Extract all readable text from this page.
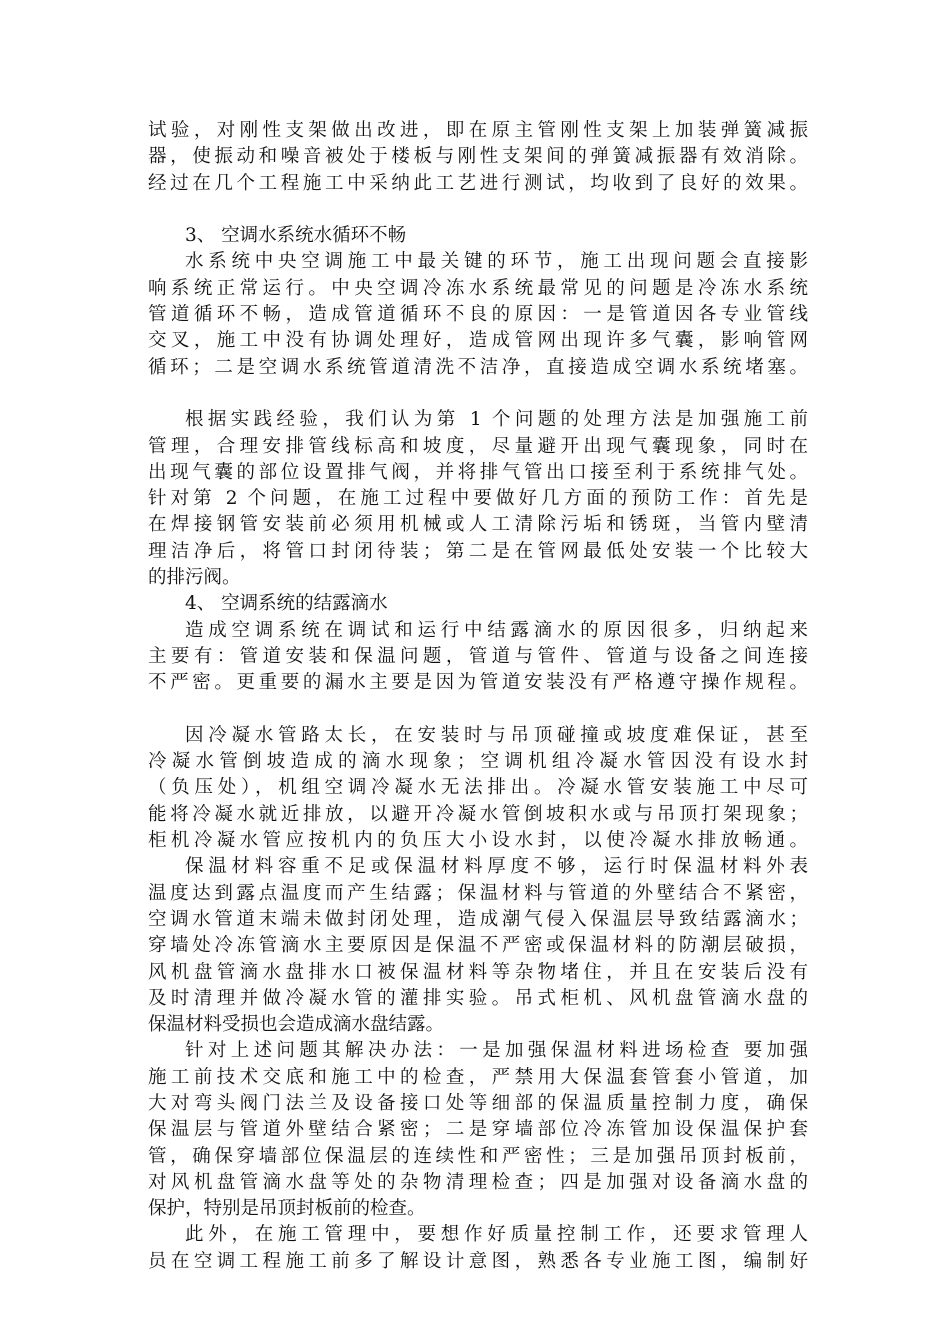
试验，对刚性支架做出改进，即在原主管刚性支架上加装弹簧减振
器，使振动和噪音被处于楼板与刚性支架间的弹簧减振器有效消除。
经过在几个工程施工中采纳此工艺进行测试，均收到了良好的效果。
3、 空调水系统水循环不畅
水系统中央空调施工中最关键的环节，施工出现问题会直接影
响系统正常运行。中央空调冷冻水系统最常见的问题是冷冻水系统
管道循环不畅，造成管道循环不良的原因：一是管道因各专业管线
交叉，施工中没有协调处理好，造成管网出现许多气囊，影响管网
循环；二是空调水系统管道清洗不洁净，直接造成空调水系统堵塞。
根据实践经验，我们认为第 1 个问题的处理方法是加强施工前
管理，合理安排管线标高和坡度，尽量避开出现气囊现象，同时在
出现气囊的部位设置排气阀，并将排气管出口接至利于系统排气处。
针对第 2 个问题，在施工过程中要做好几方面的预防工作：首先是
在焊接钢管安装前必须用机械或人工清除污垢和锈斑，当管内壁清
理洁净后，将管口封闭待装；第二是在管网最低处安装一个比较大
的排污阀。
4、 空调系统的结露滴水
造成空调系统在调试和运行中结露滴水的原因很多，归纳起来
主要有：管道安装和保温问题，管道与管件、管道与设备之间连接
不严密。更重要的漏水主要是因为管道安装没有严格遵守操作规程。
因冷凝水管路太长，在安装时与吊顶碰撞或坡度难保证，甚至
冷凝水管倒坡造成的滴水现象；空调机组冷凝水管因没有设水封
（负压处），机组空调冷凝水无法排出。冷凝水管安装施工中尽可
能将冷凝水就近排放，以避开冷凝水管倒坡积水或与吊顶打架现象；
柜机冷凝水管应按机内的负压大小设水封，以使冷凝水排放畅通。
保温材料容重不足或保温材料厚度不够，运行时保温材料外表
温度达到露点温度而产生结露；保温材料与管道的外壁结合不紧密，
空调水管道末端未做封闭处理，造成潮气侵入保温层导致结露滴水；
穿墙处冷冻管滴水主要原因是保温不严密或保温材料的防潮层破损，
风机盘管滴水盘排水口被保温材料等杂物堵住，并且在安装后没有
及时清理并做冷凝水管的灌排实验。吊式柜机、风机盘管滴水盘的
保温材料受损也会造成滴水盘结露。
针对上述问题其解决办法：一是加强保温材料进场检查 要加强
施工前技术交底和施工中的检查，严禁用大保温套管套小管道，加
大对弯头阀门法兰及设备接口处等细部的保温质量控制力度，确保
保温层与管道外壁结合紧密；二是穿墙部位冷冻管加设保温保护套
管，确保穿墙部位保温层的连续性和严密性；三是加强吊顶封板前，
对风机盘管滴水盘等处的杂物清理检查；四是加强对设备滴水盘的
保护，特别是吊顶封板前的检查。
此外，在施工管理中，要想作好质量控制工作，还要求管理人
员在空调工程施工前多了解设计意图，熟悉各专业施工图，编制好
